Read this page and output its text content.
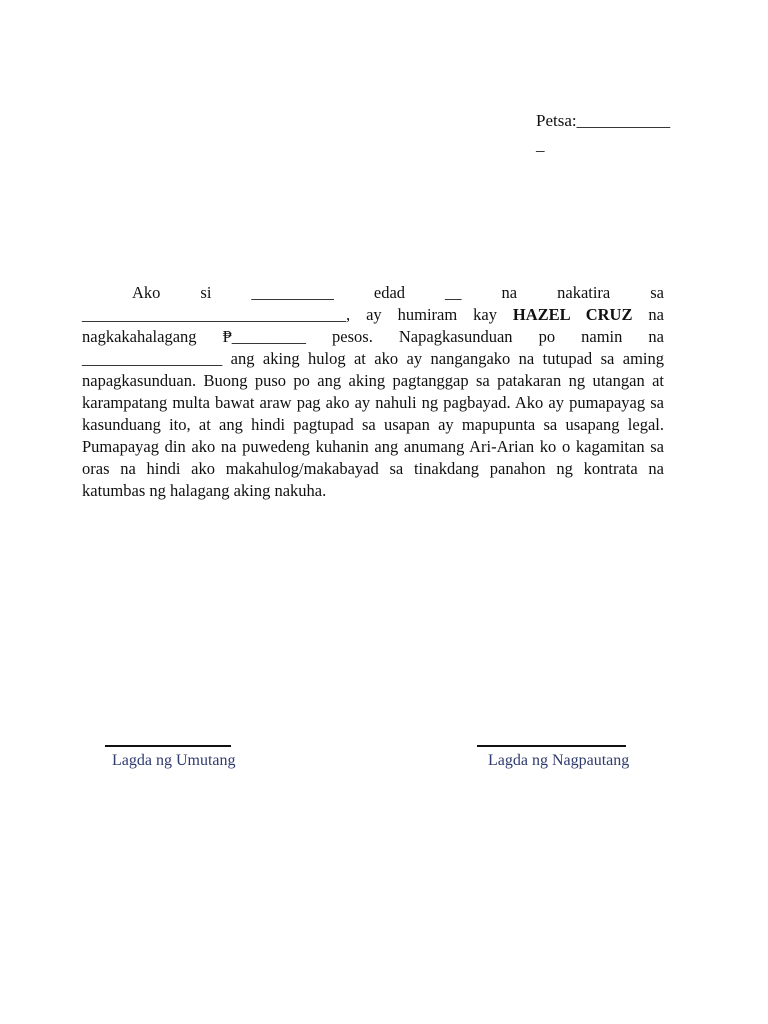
Petsa:___________ _

Ako si __________ edad __ na nakatira sa ________________________________, ay humiram kay HAZEL CRUZ na nagkakahalagang ₱_________ pesos. Napagkasunduan po namin na _________________ ang aking hulog at ako ay nangangako na tutupad sa aming napagkasunduan. Buong puso po ang aking pagtanggap sa patakaran ng utangan at karampatang multa bawat araw pag ako ay nahuli ng pagbayad. Ako ay pumapayag sa kasunduang ito, at ang hindi pagtupad sa usapan ay mapupunta sa usapang legal. Pumapayag din ako na puwedeng kuhanin ang anumang Ari-Arian ko o kagamitan sa oras na hindi ako makahulog/makabayad sa tinakdang panahon ng kontrata na katumbas ng halagang aking nakuha.

Lagda ng Umutang	Lagda ng Nagpautang
